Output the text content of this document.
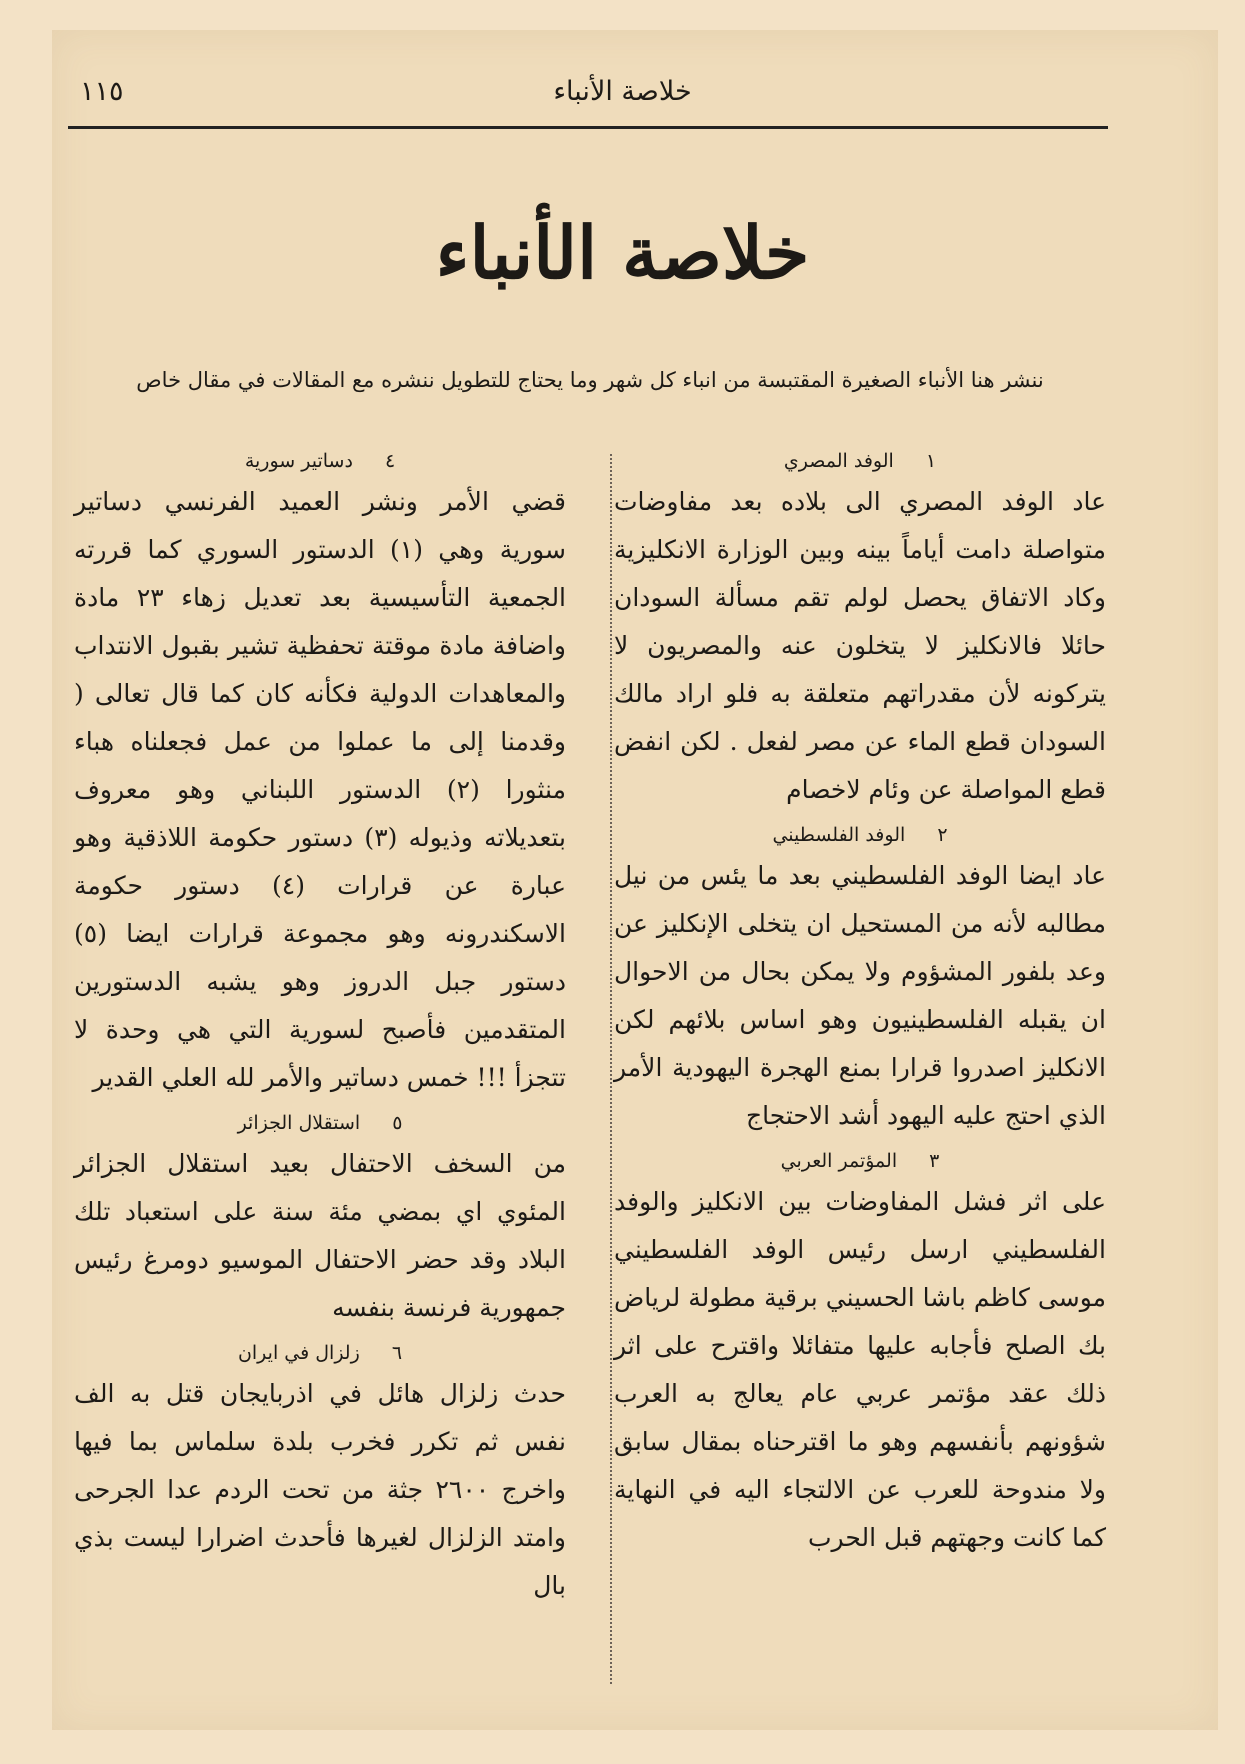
خلاصة الأنباء
١١٥
خلاصة الأنباء
ننشر هنا الأنباء الصغيرة المقتبسة من انباء كل شهر وما يحتاج للتطويل ننشره مع المقالات في مقال خاص

١ الوفد المصري

عاد الوفد المصري الى بلاده بعد مفاوضات متواصلة دامت أياماً بينه وبين الوزارة الانكليزية وكاد الاتفاق يحصل لولم تقم مسألة السودان حائلا فالانكليز لا يتخلون عنه والمصريون لا يتركونه لأن مقدراتهم متعلقة به فلو اراد مالك السودان قطع الماء عن مصر لفعل . لكن انفض قطع المواصلة عن وئام لاخصام

٢ الوفد الفلسطيني

عاد ايضا الوفد الفلسطيني بعد ما يئس من نيل مطالبه لأنه من المستحيل ان يتخلى الإنكليز عن وعد بلفور المشؤوم ولا يمكن بحال من الاحوال ان يقبله الفلسطينيون وهو اساس بلائهم لكن الانكليز اصدروا قرارا بمنع الهجرة اليهودية الأمر الذي احتج عليه اليهود أشد الاحتجاج

٣ المؤتمر العربي

على اثر فشل المفاوضات بين الانكليز والوفد الفلسطيني ارسل رئيس الوفد الفلسطيني موسى كاظم باشا الحسيني برقية مطولة لرياض بك الصلح فأجابه عليها متفائلا واقترح على اثر ذلك عقد مؤتمر عربي عام يعالج به العرب شؤونهم بأنفسهم وهو ما اقترحناه بمقال سابق ولا مندوحة للعرب عن الالتجاء اليه في النهاية كما كانت وجهتهم قبل الحرب

٤ دساتير سورية

قضي الأمر ونشر العميد الفرنسي دساتير سورية وهي (١) الدستور السوري كما قررته الجمعية التأسيسية بعد تعديل زهاء ٢٣ مادة واضافة مادة موقتة تحفظية تشير بقبول الانتداب والمعاهدات الدولية فكأنه كان كما قال تعالى ( وقدمنا إلى ما عملوا من عمل فجعلناه هباء منثورا (٢) الدستور اللبناني وهو معروف بتعديلاته وذيوله (٣) دستور حكومة اللاذقية وهو عبارة عن قرارات (٤) دستور حكومة الاسكندرونه وهو مجموعة قرارات ايضا (٥) دستور جبل الدروز وهو يشبه الدستورين المتقدمين فأصبح لسورية التي هي وحدة لا تتجزأ !!! خمس دساتير والأمر لله العلي القدير

٥ استقلال الجزائر

من السخف الاحتفال بعيد استقلال الجزائر المئوي اي بمضي مئة سنة على استعباد تلك البلاد وقد حضر الاحتفال الموسيو دومرغ رئيس جمهورية فرنسة بنفسه

٦ زلزال في ايران

حدث زلزال هائل في اذربايجان قتل به الف نفس ثم تكرر فخرب بلدة سلماس بما فيها واخرج ٢٦٠٠ جثة من تحت الردم عدا الجرحى وامتد الزلزال لغيرها فأحدث اضرارا ليست بذي بال
